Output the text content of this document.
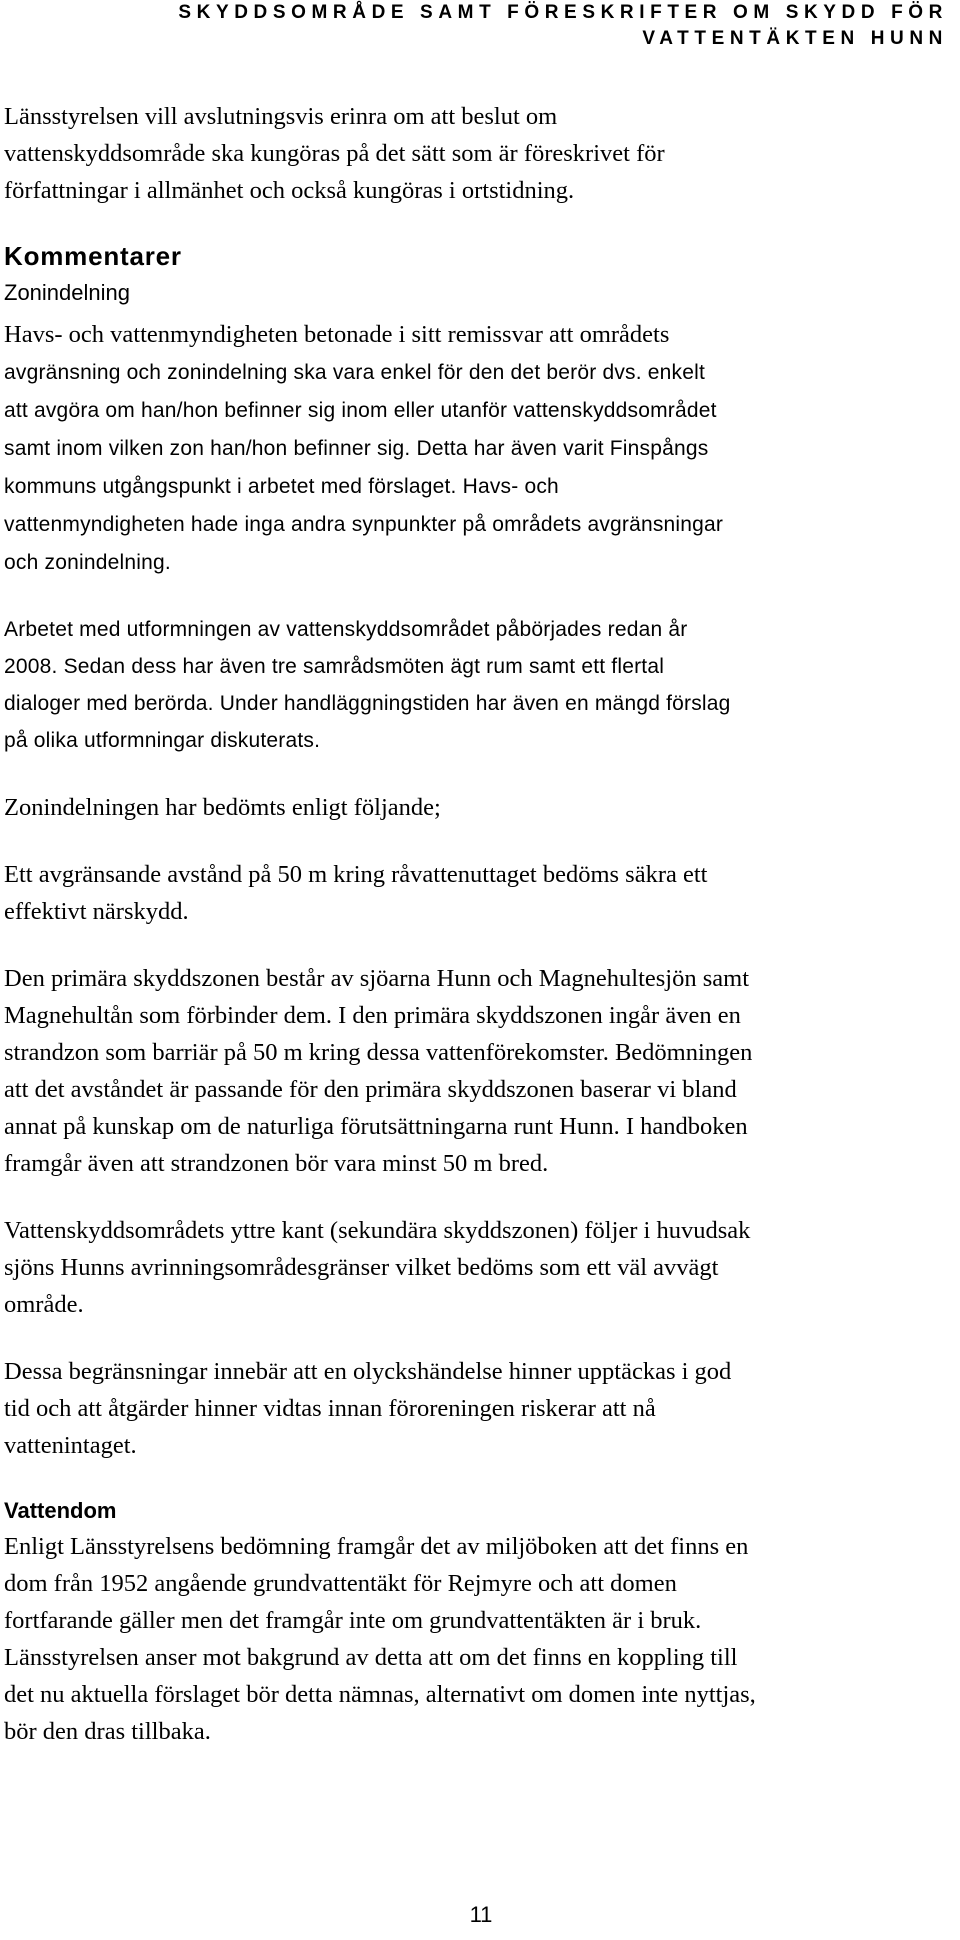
SKYDDSOMRÅDE SAMT FÖRESKRIFTER OM SKYDD FÖR
VATTENTÄKTEN HUNN

Länsstyrelsen vill avslutningsvis erinra om att beslut om
vattenskyddsområde ska kungöras på det sätt som är föreskrivet för
författningar i allmänhet och också kungöras i ortstidning.

Kommentarer
Zonindelning

Havs- och vattenmyndigheten betonade i sitt remissvar att områdets
avgränsning och zonindelning ska vara enkel för den det berör dvs. enkelt
att avgöra om han/hon befinner sig inom eller utanför vattenskyddsområdet
samt inom vilken zon han/hon befinner sig. Detta har även varit Finspångs
kommuns utgångspunkt i arbetet med förslaget. Havs- och
vattenmyndigheten hade inga andra synpunkter på områdets avgränsningar
och zonindelning.

Arbetet med utformningen av vattenskyddsområdet påbörjades redan år
2008. Sedan dess har även tre samrådsmöten ägt rum samt ett flertal
dialoger med berörda. Under handläggningstiden har även en mängd förslag
på olika utformningar diskuterats.

Zonindelningen har bedömts enligt följande;

Ett avgränsande avstånd på 50 m kring råvattenuttaget bedöms säkra ett
effektivt närskydd.

Den primära skyddszonen består av sjöarna Hunn och Magnehultesjön samt
Magnehultån som förbinder dem. I den primära skyddszonen ingår även en
strandzon som barriär på 50 m kring dessa vattenförekomster. Bedömningen
att det avståndet är passande för den primära skyddszonen baserar vi bland
annat på kunskap om de naturliga förutsättningarna runt Hunn. I handboken
framgår även att strandzonen bör vara minst 50 m bred.

Vattenskyddsområdets yttre kant (sekundära skyddszonen) följer i huvudsak
sjöns Hunns avrinningsområdesgränser vilket bedöms som ett väl avvägt
område.

Dessa begränsningar innebär att en olyckshändelse hinner upptäckas i god
tid och att åtgärder hinner vidtas innan föroreningen riskerar att nå
vattenintaget.

Vattendom

Enligt Länsstyrelsens bedömning framgår det av miljöboken att det finns en
dom från 1952 angående grundvattentäkt för Rejmyre och att domen
fortfarande gäller men det framgår inte om grundvattentäkten är i bruk.
Länsstyrelsen anser mot bakgrund av detta att om det finns en koppling till
det nu aktuella förslaget bör detta nämnas, alternativt om domen inte nyttjas,
bör den dras tillbaka.

11
